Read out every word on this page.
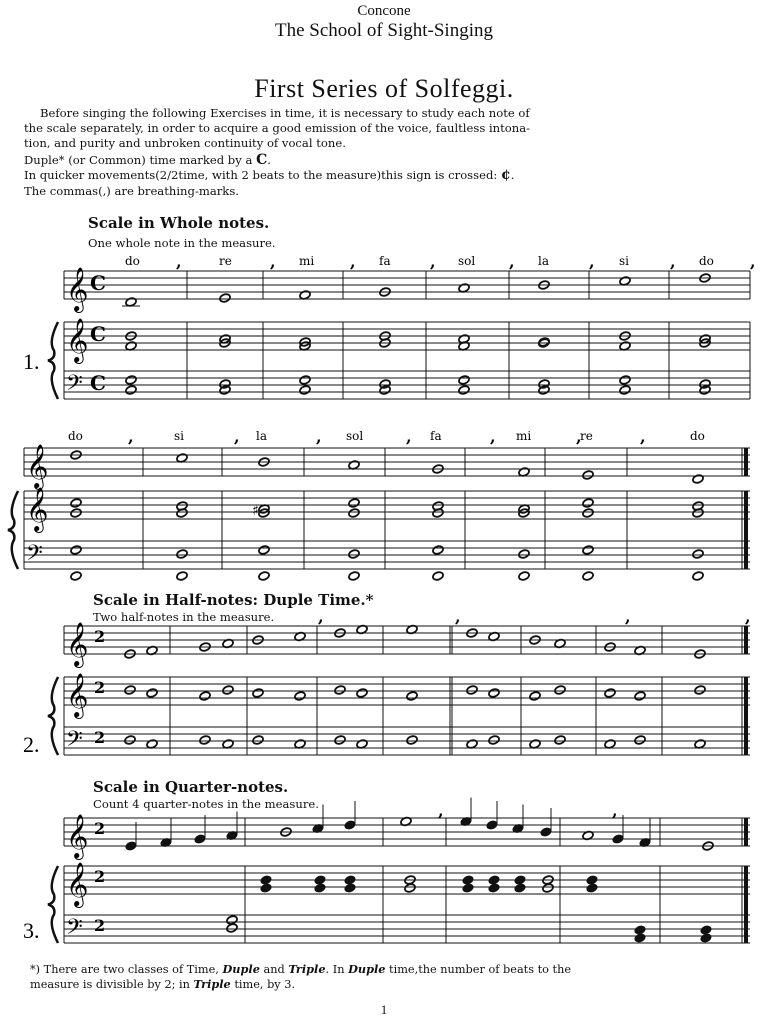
Concone
The School of Sight-Singing
First Series of Solfeggi.
Before singing the following Exercises in time, it is necessary to study each note of
the scale separately, in order to acquire a good emission of the voice, faultless intona-
tion, and purity and unbroken continuity of vocal tone.
Duple* (or Common) time marked by a C.
In quicker movements(2/2time, with 2 beats to the measure)this sign is crossed: ¢.
The commas(,) are breathing-marks.
Scale in Whole notes.
One whole note in the measure.
Scale in Half-notes: Duple Time.*
Two half-notes in the measure.
Scale in Quarter-notes.
Count 4 quarter-notes in the measure.
𝄞
𝄞
𝄢
C
C
C
1.
do ,	re , mi , fa , sol , la	, si	, do ,
𝄞
𝄞
𝄢
do	,	si	, la	, sol	, fa	, mi	,
re	,	do
♯
𝄞
𝄞
𝄢
2
2
2
2.
,	,	,	,
𝄞
𝄞
𝄢
2
2
2
3.
,	,
*) There are two classes of Time, Duple and Triple. In Duple time,the number of beats to the
measure is divisible by 2; in Triple time, by 3.
1
